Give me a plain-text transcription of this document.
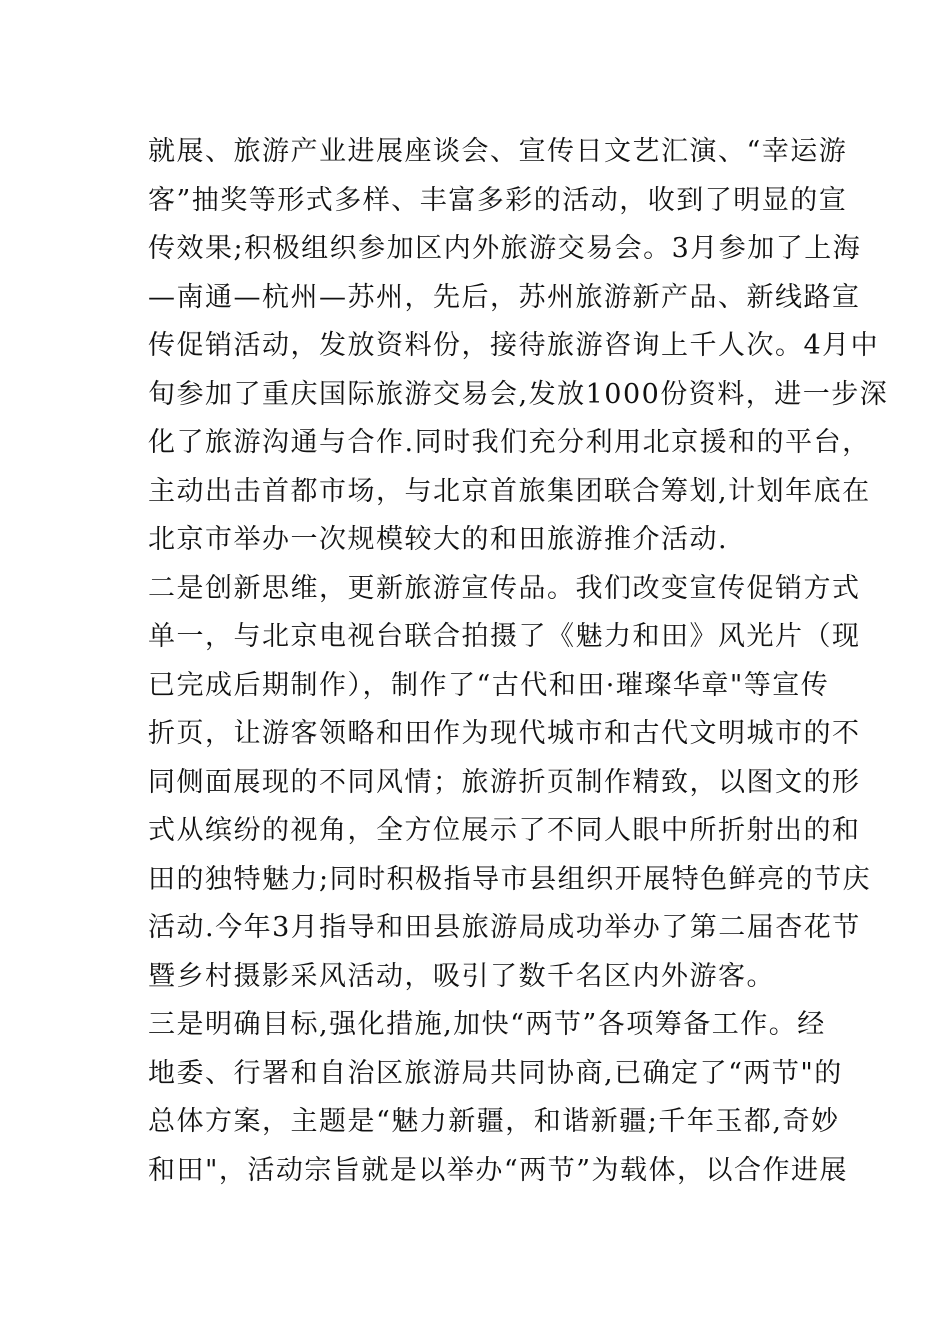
就展、旅游产业进展座谈会、宣传日文艺汇演、“幸运游
客”抽奖等形式多样、丰富多彩的活动，收到了明显的宣
传效果;积极组织参加区内外旅游交易会。3月参加了上海
—南通—杭州—苏州，先后，苏州旅游新产品、新线路宣
传促销活动，发放资料份，接待旅游咨询上千人次。4月中
旬参加了重庆国际旅游交易会,发放1000份资料，进一步深
化了旅游沟通与合作.同时我们充分利用北京援和的平台，
主动出击首都市场，与北京首旅集团联合筹划,计划年底在
北京市举办一次规模较大的和田旅游推介活动.
二是创新思维，更新旅游宣传品。我们改变宣传促销方式
单一，与北京电视台联合拍摄了《魅力和田》风光片（现
已完成后期制作），制作了“古代和田·璀璨华章"等宣传
折页，让游客领略和田作为现代城市和古代文明城市的不
同侧面展现的不同风情；旅游折页制作精致，以图文的形
式从缤纷的视角，全方位展示了不同人眼中所折射出的和
田的独特魅力;同时积极指导市县组织开展特色鲜亮的节庆
活动.今年3月指导和田县旅游局成功举办了第二届杏花节
暨乡村摄影采风活动，吸引了数千名区内外游客。
三是明确目标,强化措施,加快“两节”各项筹备工作。经
地委、行署和自治区旅游局共同协商,已确定了“两节"的
总体方案，主题是“魅力新疆，和谐新疆;千年玉都,奇妙
和田"，活动宗旨就是以举办“两节”为载体，以合作进展
